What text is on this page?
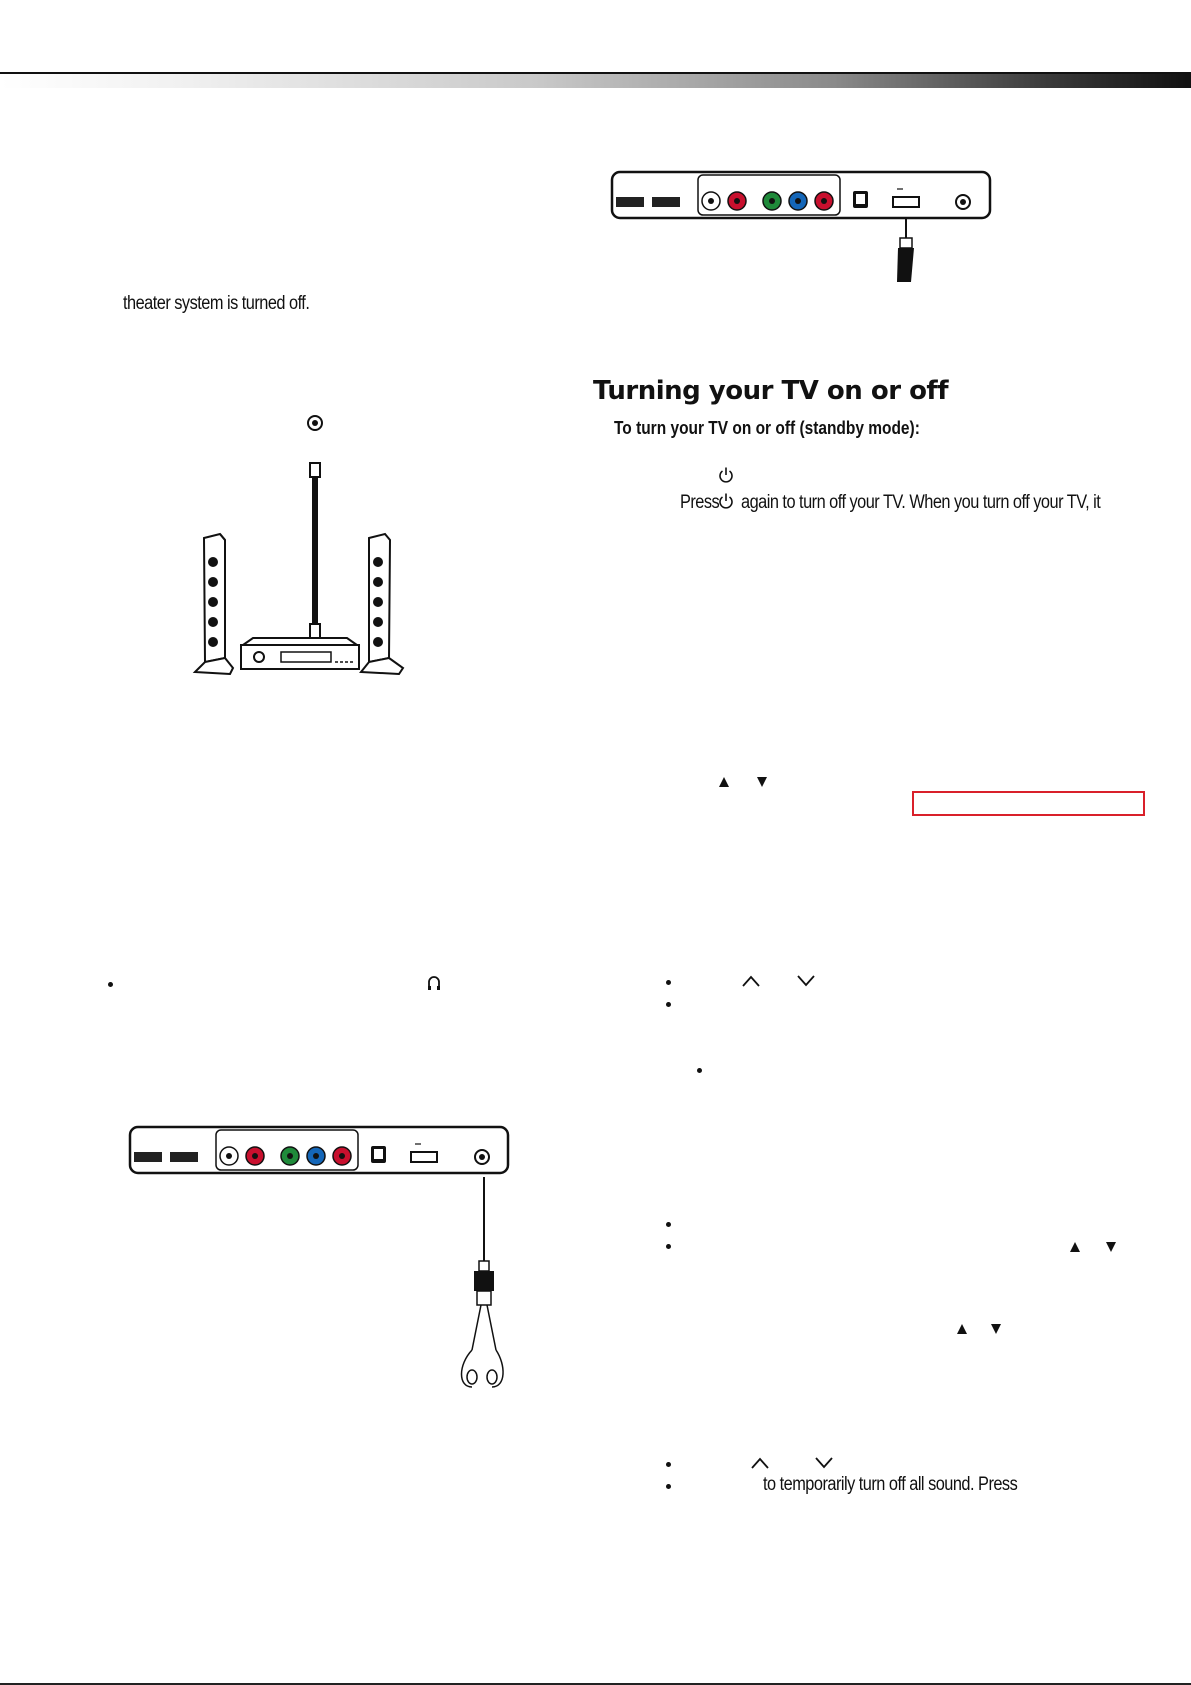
theater system is turned off.
Turning your TV on or off
To turn your TV on or off (standby mode):
Press again to turn off your TV. When you turn off your TV, it
to temporarily turn off all sound. Press
